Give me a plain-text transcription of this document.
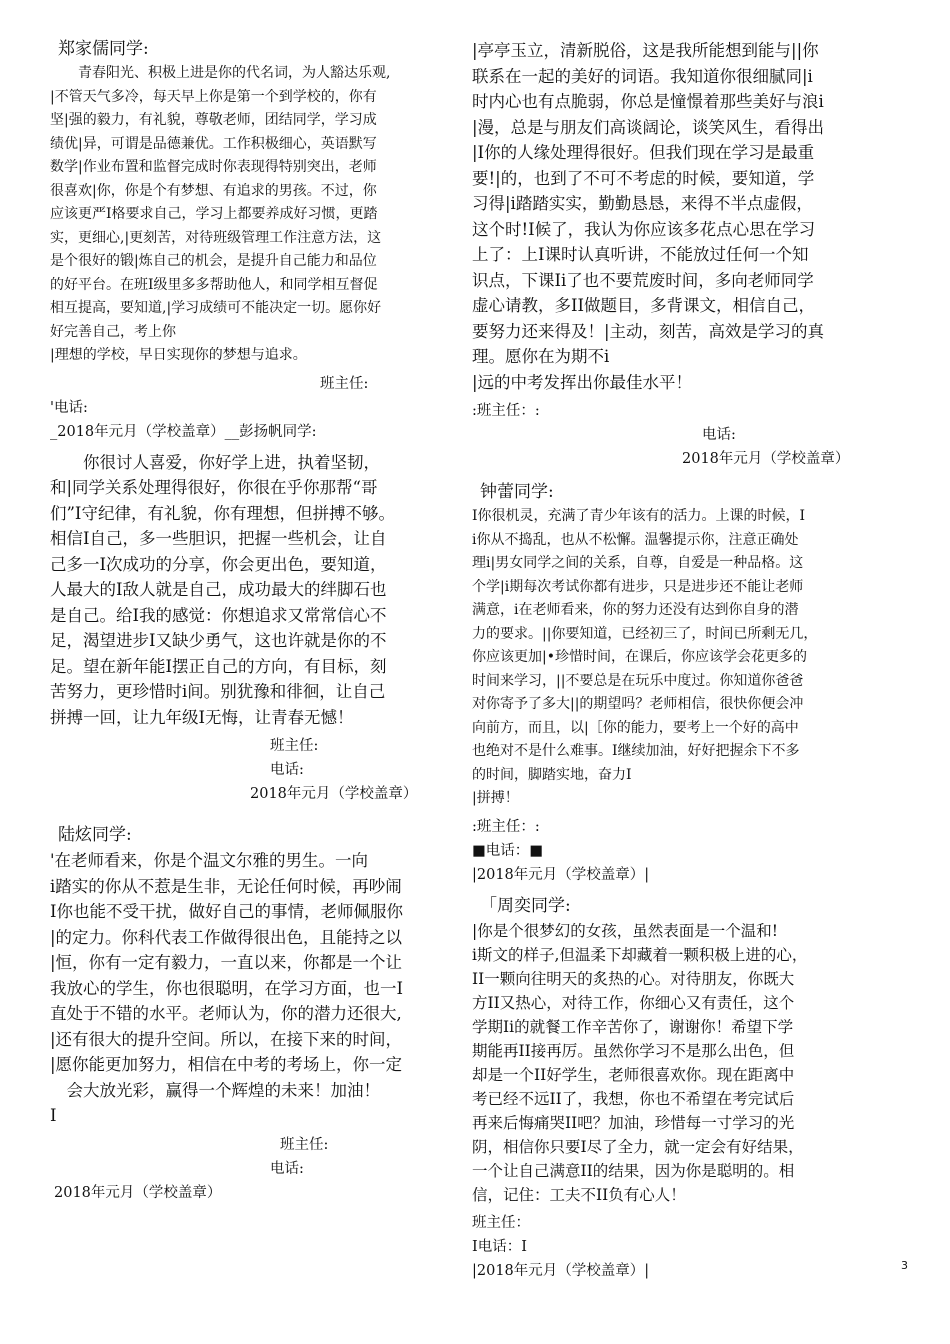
郑家儒同学:

　　青春阳光、积极上进是你的代名词，为人豁达乐观,

|不管天气多冷，每天早上你是第一个到学校的，你有

坚|强的毅力，有礼貌，尊敬老师，团结同学，学习成

绩优|异，可谓是品德兼优。工作积极细心，英语默写

数学|作业布置和监督完成时你表现得特别突出，老师

很喜欢|你，你是个有梦想、有追求的男孩。不过，你

应该更严I格要求自己，学习上都要养成好习惯，更踏

实，更细心,|更刻苦，对待班级管理工作注意方法，这

是个很好的锻|炼自己的机会，是提升自己能力和品位

的好平台。在班I级里多多帮助他人，和同学相互督促

相互提高，要知道,|学习成绩可不能决定一切。愿你好

好完善自己，考上你

|理想的学校，早日实现你的梦想与追求。

班主任:
'电话:
_2018年元月（学校盖章）__彭扬帆同学:

　　你很讨人喜爱，你好学上进，执着坚韧，

和|同学关系处理得很好，你很在乎你那帮“哥

们”I守纪律，有礼貌，你有理想，但拼搏不够。

相信I自己，多一些胆识，把握一些机会，让自

己多一I次成功的分享，你会更出色，要知道，

人最大的I敌人就是自己，成功最大的绊脚石也

是自己。给I我的感觉：你想追求又常常信心不

足，渴望进步I又缺少勇气，这也许就是你的不

足。望在新年能I摆正自己的方向，有目标，刻

苦努力，更珍惜时i间。别犹豫和徘徊，让自己

拼搏一回，让九年级I无悔，让青春无憾！

班主任:
电话:
2018年元月（学校盖章）
陆炫同学:

'在老师看来，你是个温文尔雅的男生。一向

i踏实的你从不惹是生非，无论任何时候，再吵闹

I你也能不受干扰，做好自己的事情，老师佩服你

|的定力。你科代表工作做得很出色，且能持之以

|恒，你有一定有毅力，一直以来，你都是一个让

我放心的学生，你也很聪明，在学习方面，也一I

直处于不错的水平。老师认为，你的潜力还很大,

|还有很大的提升空间。所以，在接下来的时间，

|愿你能更加努力，相信在中考的考场上，你一定

　会大放光彩，赢得一个辉煌的未来！加油！

I

班主任:
电话:
2018年元月（学校盖章）

|亭亭玉立，清新脱俗，这是我所能想到能与||你

联系在一起的美好的词语。我知道你很细腻同|i

时内心也有点脆弱，你总是憧憬着那些美好与浪i

|漫，总是与朋友们高谈阔论，谈笑风生，看得出

|I你的人缘处理得很好。但我们现在学习是最重

要!|的，也到了不可不考虑的时候，要知道，学

习得|i踏踏实实，勤勤恳恳，来得不半点虚假，

这个时!I候了，我认为你应该多花点心思在学习

上了：上I课时认真听讲，不能放过任何一个知

识点，下课Ii了也不要荒废时间，多向老师同学

虚心请教，多II做题目，多背课文，相信自己，

要努力还来得及！|主动，刻苦，高效是学习的真

理。愿你在为期不i

|远的中考发挥出你最佳水平！

:班主任：:
电话:
2018年元月（学校盖章）
钟蕾同学:

I你很机灵，充满了青少年该有的活力。上课的时候，I

i你从不捣乱，也从不松懈。温馨提示你，注意正确处

理i|男女同学之间的关系，自尊，自爱是一种品格。这

个学|i期每次考试你都有进步，只是进步还不能让老师

满意，i在老师看来，你的努力还没有达到你自身的潜

力的要求。||你要知道，已经初三了，时间已所剩无几，

你应该更加|•珍惜时间，在课后，你应该学会花更多的

时间来学习，||不要总是在玩乐中度过。你知道你爸爸

对你寄予了多大||的期望吗？老师相信，很快你便会冲

向前方，而且，以|［你的能力，要考上一个好的高中

也绝对不是什么难事。I继续加油，好好把握余下不多

的时间，脚踏实地，奋力I

|拼搏！

:班主任：:
■电话：■
|2018年元月（学校盖章）|
「周奕同学:

|你是个很梦幻的女孩，虽然表面是一个温和!

i斯文的样子,但温柔下却藏着一颗积极上进的心，

II一颗向往明天的炙热的心。对待朋友，你既大

方II又热心，对待工作，你细心又有责任，这个

学期Ii的就餐工作辛苦你了，谢谢你！希望下学

期能再II接再厉。虽然你学习不是那么出色，但

却是一个II好学生，老师很喜欢你。现在距离中

考已经不远II了，我想，你也不希望在考完试后

再来后悔痛哭II吧？加油，珍惜每一寸学习的光

阴，相信你只要I尽了全力，就一定会有好结果，

一个让自己满意II的结果，因为你是聪明的。相

信，记住：工夫不II负有心人！

班主任：
I电话：I
|2018年元月（学校盖章）|	3
